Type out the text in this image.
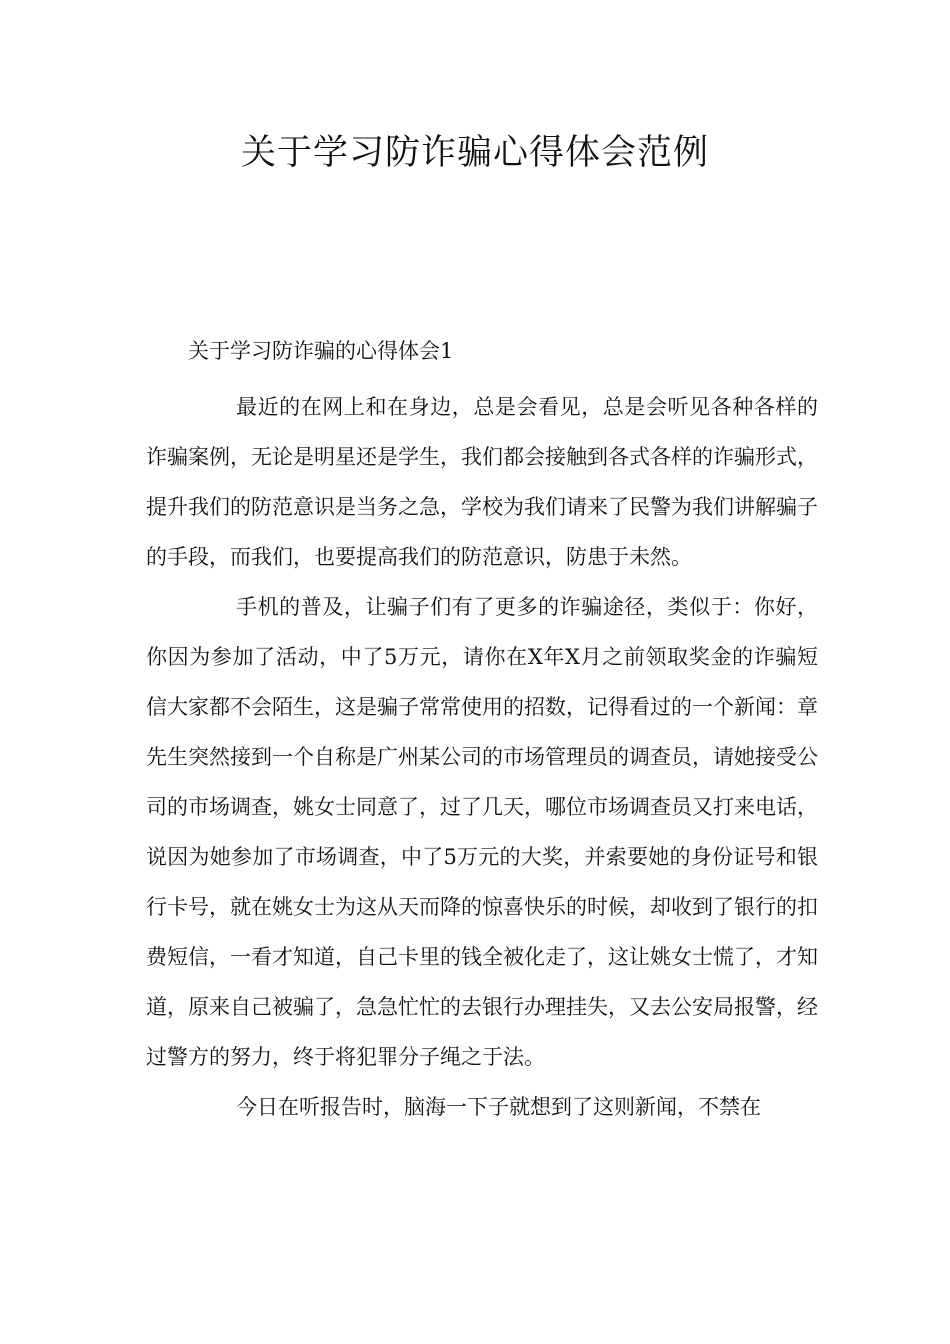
关于学习防诈骗心得体会范例
关于学习防诈骗的心得体会1

最近的在网上和在身边，总是会看见，总是会听见各种各样的诈骗案例，无论是明星还是学生，我们都会接触到各式各样的诈骗形式，提升我们的防范意识是当务之急，学校为我们请来了民警为我们讲解骗子的手段，而我们，也要提高我们的防范意识，防患于未然。

手机的普及，让骗子们有了更多的诈骗途径，类似于：你好，你因为参加了活动，中了5万元，请你在X年X月之前领取奖金的诈骗短信大家都不会陌生，这是骗子常常使用的招数，记得看过的一个新闻：章先生突然接到一个自称是广州某公司的市场管理员的调查员，请她接受公司的市场调查，姚女士同意了，过了几天，哪位市场调查员又打来电话，说因为她参加了市场调查，中了5万元的大奖，并索要她的身份证号和银行卡号，就在姚女士为这从天而降的惊喜快乐的时候，却收到了银行的扣费短信，一看才知道，自己卡里的钱全被化走了，这让姚女士慌了，才知道，原来自己被骗了，急急忙忙的去银行办理挂失，又去公安局报警，经过警方的努力，终于将犯罪分子绳之于法。

今日在听报告时，脑海一下子就想到了这则新闻，不禁在
